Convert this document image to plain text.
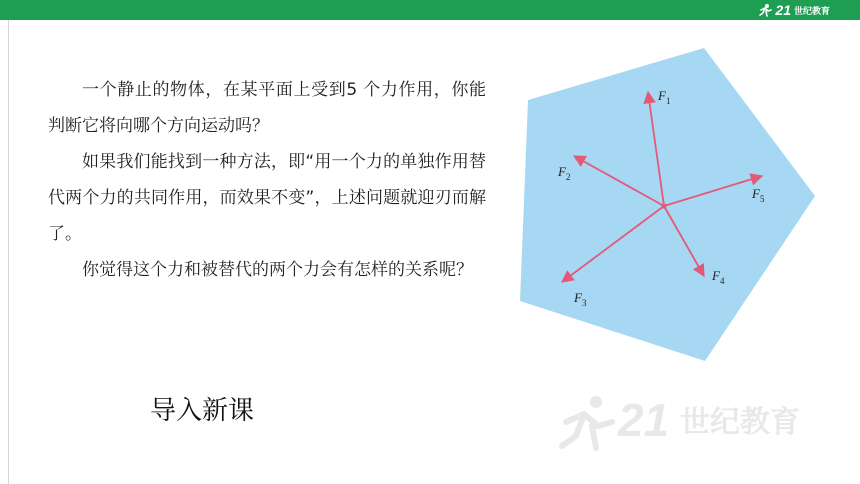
21 世纪教育

一个静止的物体，在某平面上受到5 个力作用，你能判断它将向哪个方向运动吗？

如果我们能找到一种方法，即“用一个力的单独作用替代两个力的共同作用，而效果不变”，上述问题就迎刃而解了。

你觉得这个力和被替代的两个力会有怎样的关系呢？

导入新课
$F_1$
$F_2$
$F_3$
$F_4$
$F_5$
21 世纪教育
